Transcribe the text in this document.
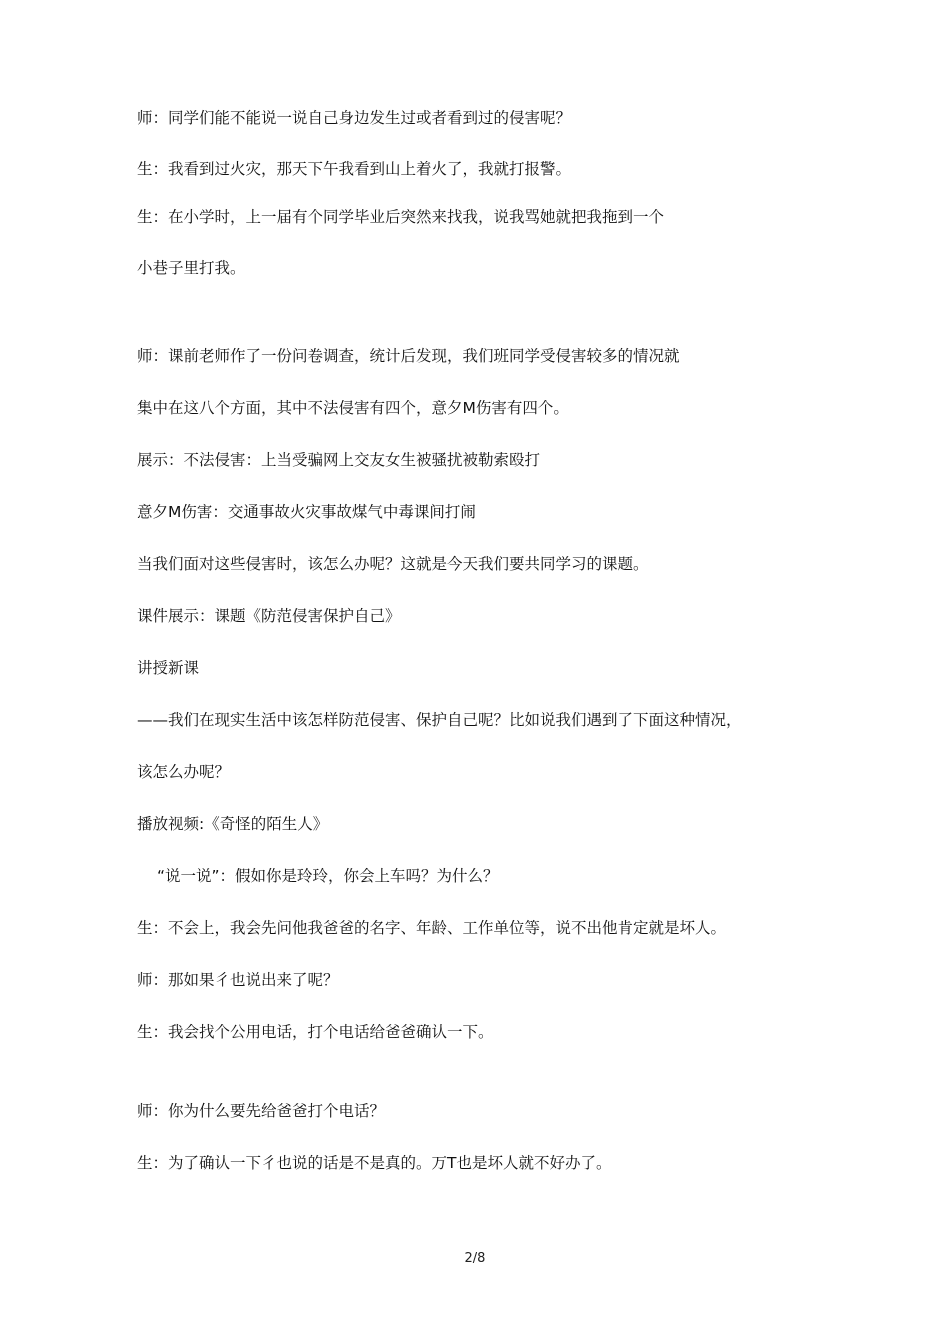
师：同学们能不能说一说自己身边发生过或者看到过的侵害呢？
生：我看到过火灾，那天下午我看到山上着火了，我就打报警。
生：在小学时，上一届有个同学毕业后突然来找我，说我骂她就把我拖到一个
小巷子里打我。
师：课前老师作了一份问卷调查，统计后发现，我们班同学受侵害较多的情况就
集中在这八个方面，其中不法侵害有四个，意夕M伤害有四个。
展示：不法侵害：上当受骗网上交友女生被骚扰被勒索殴打
意夕M伤害：交通事故火灾事故煤气中毒课间打闹
当我们面对这些侵害时，该怎么办呢？这就是今天我们要共同学习的课题。
课件展示：课题《防范侵害保护自己》
讲授新课
——我们在现实生活中该怎样防范侵害、保护自己呢？比如说我们遇到了下面这种情况，
该怎么办呢？
播放视频:《奇怪的陌生人》
“说一说”：假如你是玲玲，你会上车吗？为什么？
生：不会上，我会先问他我爸爸的名字、年龄、工作单位等，说不出他肯定就是坏人。
师：那如果彳也说出来了呢？
生：我会找个公用电话，打个电话给爸爸确认一下。
师：你为什么要先给爸爸打个电话？
生：为了确认一下彳也说的话是不是真的。万T也是坏人就不好办了。
2/8
